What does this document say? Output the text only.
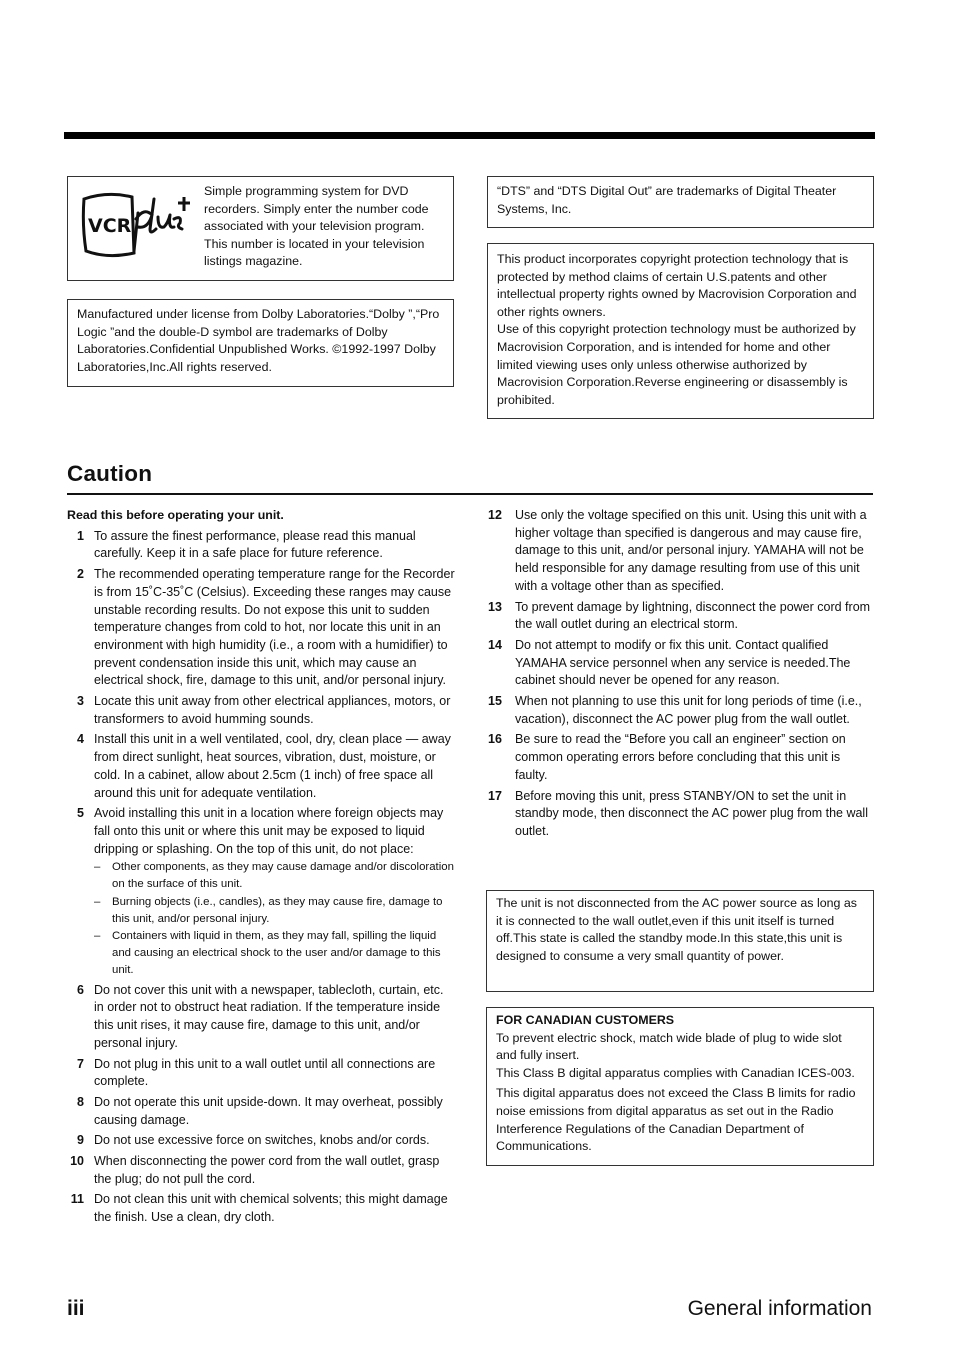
VCR

Simple programming system for DVD recorders. Simply enter the number code associated with your television program. This number is located in your television listings magazine.

Manufactured under license from Dolby Laboratories.“Dolby ”,“Pro Logic ”and the double-D symbol are trademarks of Dolby Laboratories.Confidential Unpublished Works. ©1992-1997 Dolby Laboratories,Inc.All rights reserved.

“DTS” and “DTS Digital Out” are trademarks of Digital Theater Systems, Inc.

This product incorporates copyright protection technology that is protected by method claims of certain U.S.patents and other intellectual property rights owned by Macrovision Corporation and other rights owners.

Use of this copyright protection technology must be authorized by Macrovision Corporation, and is intended for home and other limited viewing uses only unless otherwise authorized by Macrovision Corporation.Reverse engineering or disassembly is prohibited.

Caution

Read this before operating your unit.

1 To assure the finest performance, please read this manual carefully. Keep it in a safe place for future reference.
2 The recommended operating temperature range for the Recorder is from 15˚C-35˚C (Celsius). Exceeding these ranges may cause unstable recording results. Do not expose this unit to sudden temperature changes from cold to hot, nor locate this unit in an environment with high humidity (i.e., a room with a humidifier) to prevent condensation inside this unit, which may cause an electrical shock, fire, damage to this unit, and/or personal injury.
3 Locate this unit away from other electrical appliances, motors, or transformers to avoid humming sounds.
4 Install this unit in a well ventilated, cool, dry, clean place — away from direct sunlight, heat sources, vibration, dust, moisture, or cold. In a cabinet, allow about 2.5cm (1 inch) of free space all around this unit for adequate ventilation.
5 Avoid installing this unit in a location where foreign objects may fall onto this unit or where this unit may be exposed to liquid dripping or splashing. On the top of this unit, do not place:
– Other components, as they may cause damage and/or discoloration on the surface of this unit.
– Burning objects (i.e., candles), as they may cause fire, damage to this unit, and/or personal injury.
– Containers with liquid in them, as they may fall, spilling the liquid and causing an electrical shock to the user and/or damage to this unit.
6 Do not cover this unit with a newspaper, tablecloth, curtain, etc. in order not to obstruct heat radiation. If the temperature inside this unit rises, it may cause fire, damage to this unit, and/or personal injury.
7 Do not plug in this unit to a wall outlet until all connections are complete.
8 Do not operate this unit upside-down. It may overheat, possibly causing damage.
9 Do not use excessive force on switches, knobs and/or cords.
10 When disconnecting the power cord from the wall outlet, grasp the plug; do not pull the cord.
11 Do not clean this unit with chemical solvents; this might damage the finish. Use a clean, dry cloth.
12	Use only the voltage specified on this unit. Using this unit with a higher voltage than specified is dangerous and may cause fire, damage to this unit, and/or personal injury. YAMAHA will not be held responsible for any damage resulting from use of this unit with a voltage other than as specified.
13	To prevent damage by lightning, disconnect the power cord from the wall outlet during an electrical storm.
14	Do not attempt to modify or fix this unit. Contact qualified YAMAHA service personnel when any service is needed.The cabinet should never be opened for any reason.
15	When not planning to use this unit for long periods of time (i.e., vacation), disconnect the AC power plug from the wall outlet.
16	Be sure to read the “Before you call an engineer” section on common operating errors before concluding that this unit is faulty.
17	Before moving this unit, press STANBY/ON to set the unit in standby mode, then disconnect the AC power plug from the wall outlet.

The unit is not disconnected from the AC power source as long as it is connected to the wall outlet,even if this unit itself is turned off.This state is called the standby mode.In this state,this unit is designed to consume a very small quantity of power.

FOR CANADIAN CUSTOMERS

To prevent electric shock, match wide blade of plug to wide slot and fully insert.

This Class B digital apparatus complies with Canadian ICES-003.

This digital apparatus does not exceed the Class B limits for radio noise emissions from digital apparatus as set out in the Radio Interference Regulations of the Canadian Department of Communications.

iii	General information
